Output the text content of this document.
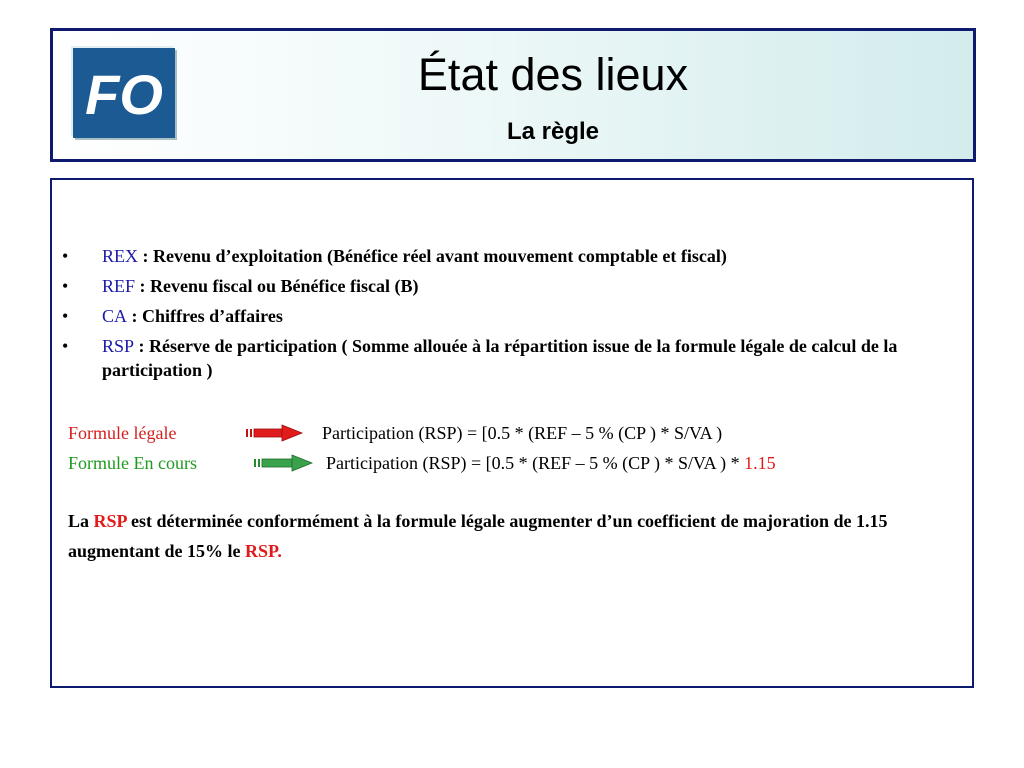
FO	État des lieux
La règle
• REX : Revenu d’exploitation (Bénéfice réel avant mouvement comptable et fiscal)
• REF : Revenu fiscal ou Bénéfice fiscal (B)
• CA : Chiffres d’affaires
• RSP : Réserve de participation ( Somme allouée à la répartition issue de la formule légale de calcul de la participation )
Formule légale	Participation (RSP) = [0.5 * (REF – 5 % (CP ) * S/VA )
Formule En cours	Participation (RSP) = [0.5 * (REF – 5 % (CP ) * S/VA ) * 1.15
La RSP est déterminée conformément à la formule légale augmenter d’un coefficient de majoration de 1.15 augmentant de 15% le RSP.
